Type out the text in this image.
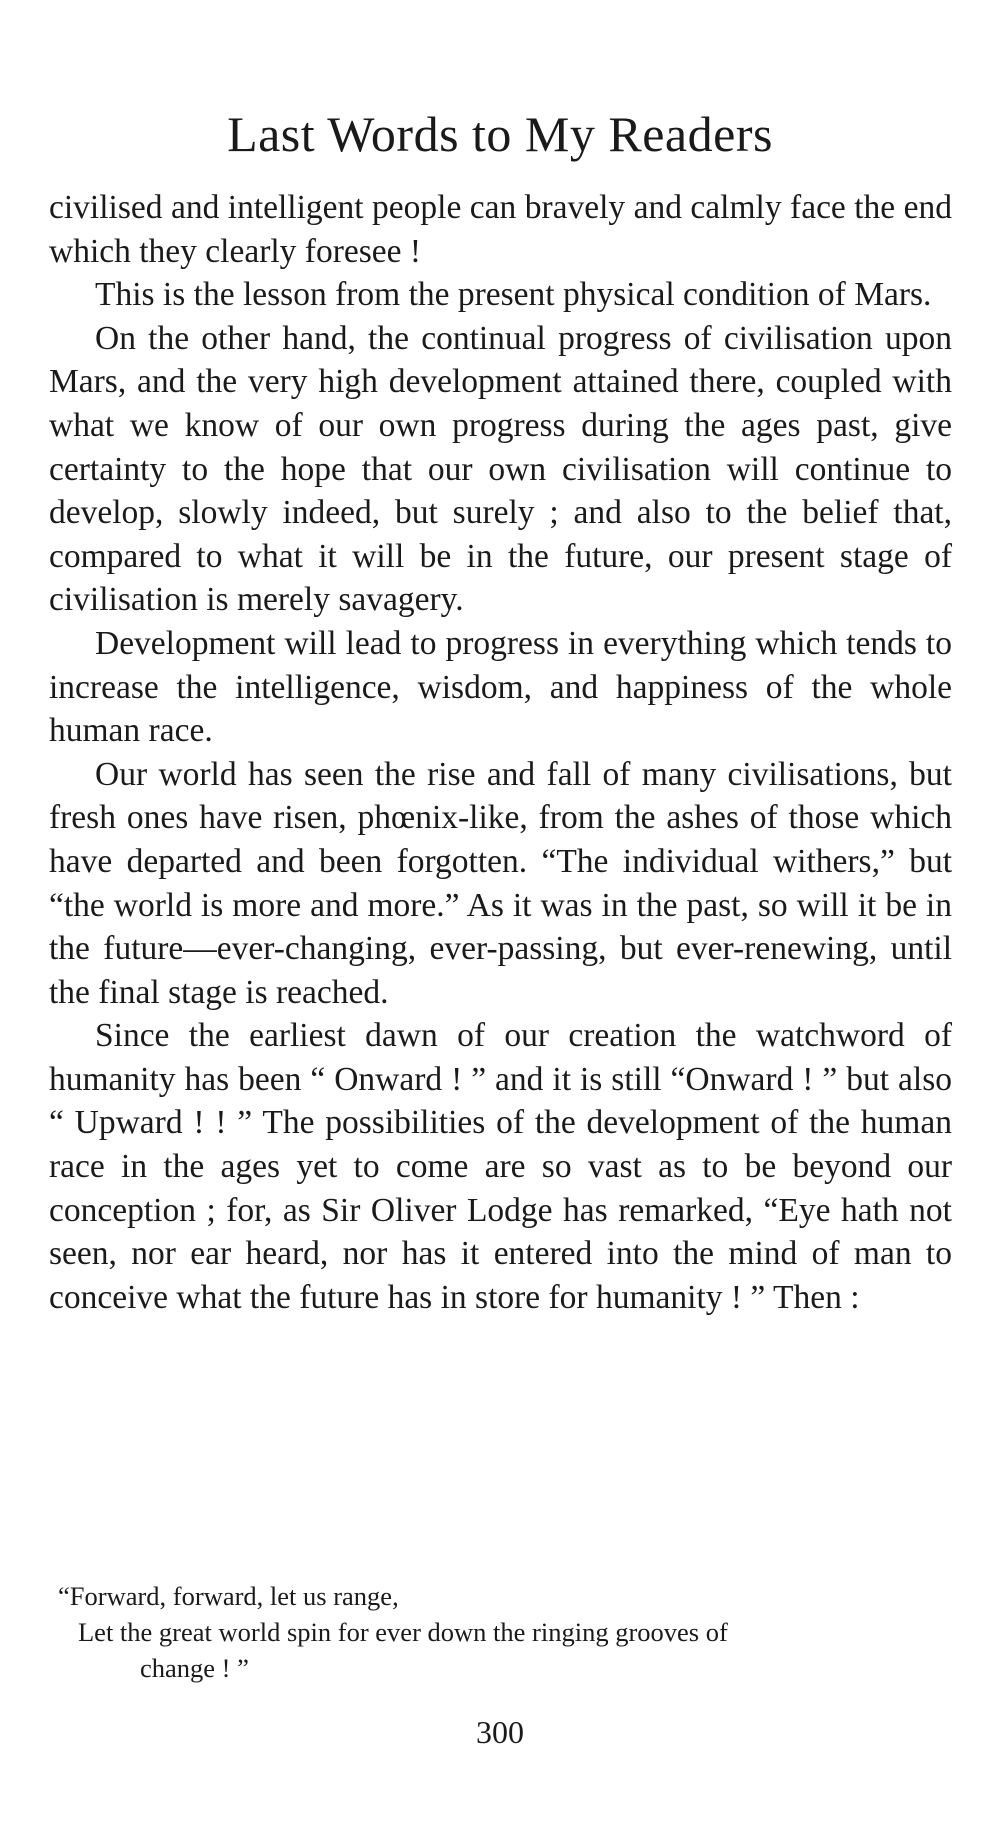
Last Words to My Readers

civilised and intelligent people can bravely and calmly face the end which they clearly foresee !

This is the lesson from the present physical condition of Mars.

On the other hand, the continual progress of civilisation upon Mars, and the very high development attained there, coupled with what we know of our own progress during the ages past, give certainty to the hope that our own civilisation will continue to develop, slowly indeed, but surely ; and also to the belief that, compared to what it will be in the future, our present stage of civilisation is merely savagery.

Development will lead to progress in everything which tends to increase the intelligence, wisdom, and happiness of the whole human race.

Our world has seen the rise and fall of many civilisations, but fresh ones have risen, phœnix-like, from the ashes of those which have departed and been forgotten. “The individual withers,” but “the world is more and more.” As it was in the past, so will it be in the future—ever-changing, ever-passing, but ever-renewing, until the final stage is reached.

Since the earliest dawn of our creation the watchword of humanity has been “ Onward ! ” and it is still “Onward ! ” but also “ Upward ! ! ” The possibilities of the development of the human race in the ages yet to come are so vast as to be beyond our conception ; for, as Sir Oliver Lodge has remarked, “Eye hath not seen, nor ear heard, nor has it entered into the mind of man to conceive what the future has in store for humanity ! ” Then :

“Forward, forward, let us range,
Let the great world spin for ever down the ringing grooves of
change ! ”
300
